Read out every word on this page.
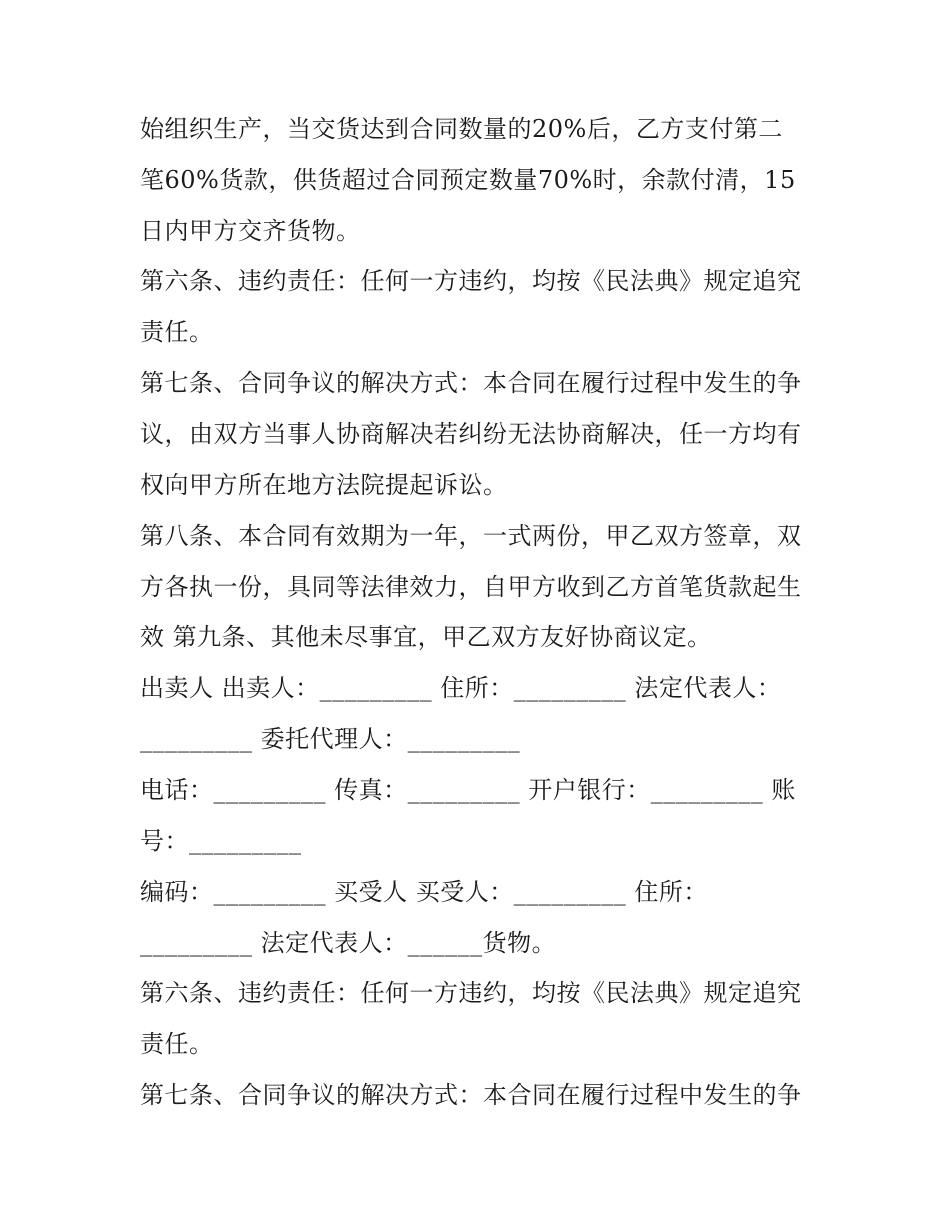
始组织生产，当交货达到合同数量的20%后，乙方支付第二
笔60%货款，供货超过合同预定数量70%时，余款付清，15
日内甲方交齐货物。
第六条、违约责任：任何一方违约，均按《民法典》规定追究
责任。
第七条、合同争议的解决方式：本合同在履行过程中发生的争
议，由双方当事人协商解决若纠纷无法协商解决，任一方均有
权向甲方所在地方法院提起诉讼。
第八条、本合同有效期为一年，一式两份，甲乙双方签章，双
方各执一份，具同等法律效力，自甲方收到乙方首笔货款起生
效 第九条、其他未尽事宜，甲乙双方友好协商议定。
出卖人 出卖人：_________ 住所：_________ 法定代表人：
_________ 委托代理人：_________
电话：_________ 传真：_________ 开户银行：_________ 账
号：_________
编码：_________ 买受人 买受人：_________ 住所：
_________ 法定代表人：______货物。
第六条、违约责任：任何一方违约，均按《民法典》规定追究
责任。
第七条、合同争议的解决方式：本合同在履行过程中发生的争
